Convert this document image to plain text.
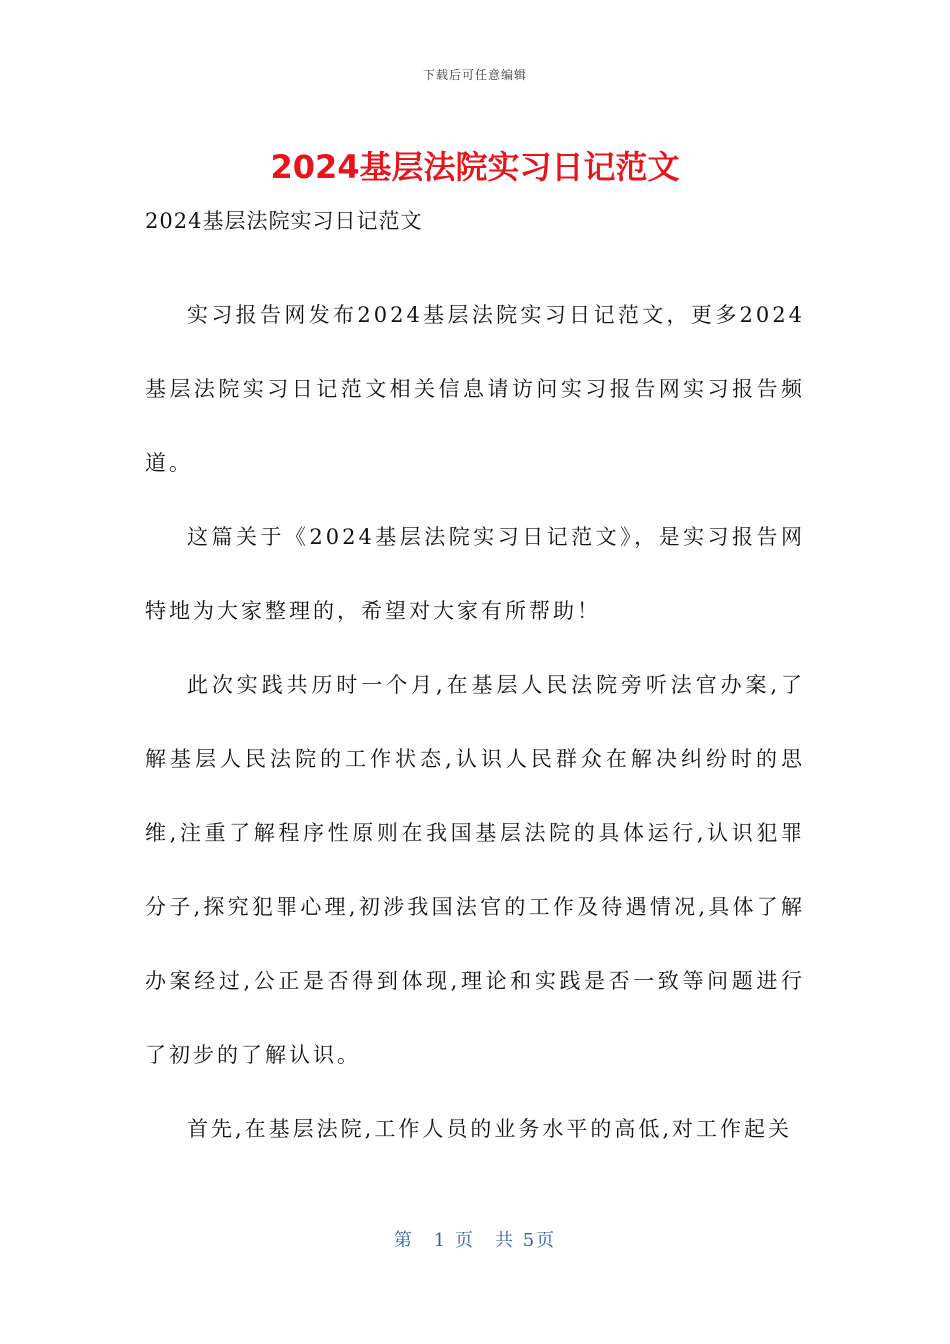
下载后可任意编辑
2024基层法院实习日记范文

2024基层法院实习日记范文

实习报告网发布2024基层法院实习日记范文，更多2024基层法院实习日记范文相关信息请访问实习报告网实习报告频道。

这篇关于《2024基层法院实习日记范文》，是实习报告网特地为大家整理的，希望对大家有所帮助！

此次实践共历时一个月,在基层人民法院旁听法官办案,了解基层人民法院的工作状态,认识人民群众在解决纠纷时的思维,注重了解程序性原则在我国基层法院的具体运行,认识犯罪分子,探究犯罪心理,初涉我国法官的工作及待遇情况,具体了解办案经过,公正是否得到体现,理论和实践是否一致等问题进行了初步的了解认识。

首先,在基层法院,工作人员的业务水平的高低,对工作起关

第　1 页　共 5页
